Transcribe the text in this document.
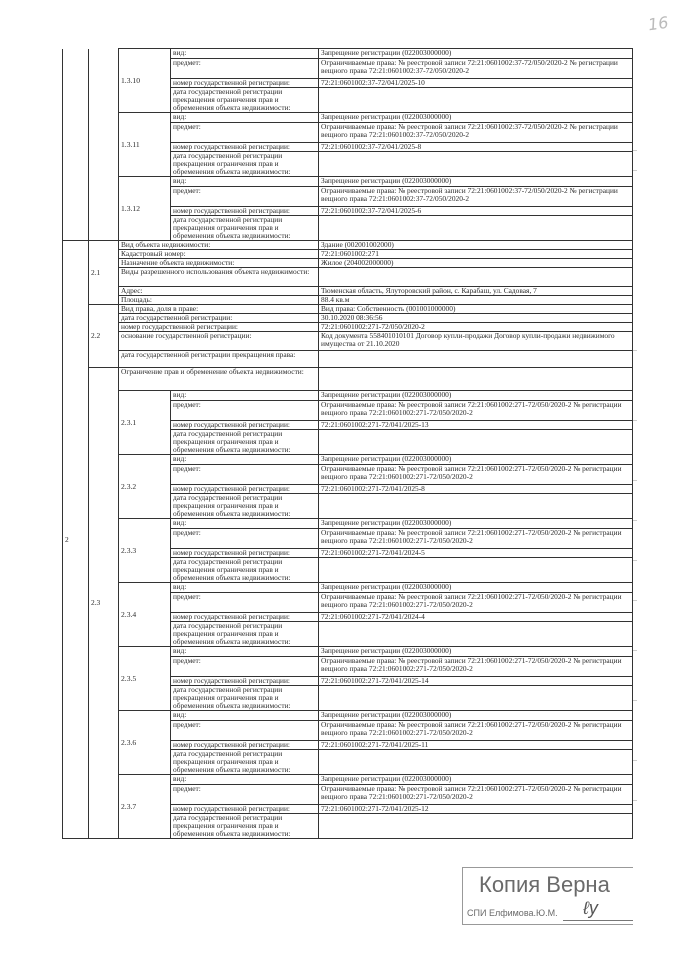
16
		1.3.10	вид:	Запрещение регистрации (022003000000)
			предмет:	Ограничиваемые права: № реестровой записи 72:21:0601002:37-72/050/2020-2 № регистрации вещного права 72:21:0601002:37-72/050/2020-2
			номер государственной регистрации:	72:21:0601002:37-72/041/2025-10
			дата государственной регистрации прекращения ограничения прав и обременения объекта недвижимости:	
		1.3.11	вид:	Запрещение регистрации (022003000000)
			предмет:	Ограничиваемые права: № реестровой записи 72:21:0601002:37-72/050/2020-2 № регистрации вещного права 72:21:0601002:37-72/050/2020-2
			номер государственной регистрации:	72:21:0601002:37-72/041/2025-8
			дата государственной регистрации прекращения ограничения прав и обременения объекта недвижимости:	
		1.3.12	вид:	Запрещение регистрации (022003000000)
			предмет:	Ограничиваемые права: № реестровой записи 72:21:0601002:37-72/050/2020-2 № регистрации вещного права 72:21:0601002:37-72/050/2020-2
			номер государственной регистрации:	72:21:0601002:37-72/041/2025-6
			дата государственной регистрации прекращения ограничения прав и обременения объекта недвижимости:	
2	2.1	Вид объекта недвижимости:		Здание (002001002000)
		Кадастровый номер:		72:21:0601002:271
		Назначение объекта недвижимости:		Жилое (204002000000)
		Виды разрешенного использования объекта недвижимости:		
		Адрес:		Тюменская область, Ялуторовский район, с. Карабаш, ул. Садовая, 7
		Площадь:		88.4 кв.м
	2.2	Вид права, доля в праве:		Вид права: Собственность (001001000000)
		дата государственной регистрации:		30.10.2020 08:36:56
		номер государственной регистрации:		72:21:0601002:271-72/050/2020-2
		основание государственной регистрации:		Код документа 558401010101 Договор купли-продажи Договор купли-продажи недвижимого имущества от 21.10.2020
		дата государственной регистрации прекращения права:		
	2.3	Ограничение прав и обременение объекта недвижимости:		
		2.3.1	вид:	Запрещение регистрации (022003000000)
			предмет:	Ограничиваемые права: № реестровой записи 72:21:0601002:271-72/050/2020-2 № регистрации вещного права 72:21:0601002:271-72/050/2020-2
			номер государственной регистрации:	72:21:0601002:271-72/041/2025-13
			дата государственной регистрации прекращения ограничения прав и обременения объекта недвижимости:	
		2.3.2	вид:	Запрещение регистрации (022003000000)
			предмет:	Ограничиваемые права: № реестровой записи 72:21:0601002:271-72/050/2020-2 № регистрации вещного права 72:21:0601002:271-72/050/2020-2
			номер государственной регистрации:	72:21:0601002:271-72/041/2025-8
			дата государственной регистрации прекращения ограничения прав и обременения объекта недвижимости:	
		2.3.3	вид:	Запрещение регистрации (022003000000)
			предмет:	Ограничиваемые права: № реестровой записи 72:21:0601002:271-72/050/2020-2 № регистрации вещного права 72:21:0601002:271-72/050/2020-2
			номер государственной регистрации:	72:21:0601002:271-72/041/2024-5
			дата государственной регистрации прекращения ограничения прав и обременения объекта недвижимости:	
		2.3.4	вид:	Запрещение регистрации (022003000000)
			предмет:	Ограничиваемые права: № реестровой записи 72:21:0601002:271-72/050/2020-2 № регистрации вещного права 72:21:0601002:271-72/050/2020-2
			номер государственной регистрации:	72:21:0601002:271-72/041/2024-4
			дата государственной регистрации прекращения ограничения прав и обременения объекта недвижимости:	
		2.3.5	вид:	Запрещение регистрации (022003000000)
			предмет:	Ограничиваемые права: № реестровой записи 72:21:0601002:271-72/050/2020-2 № регистрации вещного права 72:21:0601002:271-72/050/2020-2
			номер государственной регистрации:	72:21:0601002:271-72/041/2025-14
			дата государственной регистрации прекращения ограничения прав и обременения объекта недвижимости:	
		2.3.6	вид:	Запрещение регистрации (022003000000)
			предмет:	Ограничиваемые права: № реестровой записи 72:21:0601002:271-72/050/2020-2 № регистрации вещного права 72:21:0601002:271-72/050/2020-2
			номер государственной регистрации:	72:21:0601002:271-72/041/2025-11
			дата государственной регистрации прекращения ограничения прав и обременения объекта недвижимости:	
		2.3.7	вид:	Запрещение регистрации (022003000000)
			предмет:	Ограничиваемые права: № реестровой записи 72:21:0601002:271-72/050/2020-2 № регистрации вещного права 72:21:0601002:271-72/050/2020-2
			номер государственной регистрации:	72:21:0601002:271-72/041/2025-12
			дата государственной регистрации прекращения ограничения прав и обременения объекта недвижимости:	
Копия Верна
СПИ Елфимова.Ю.М. ℓy
